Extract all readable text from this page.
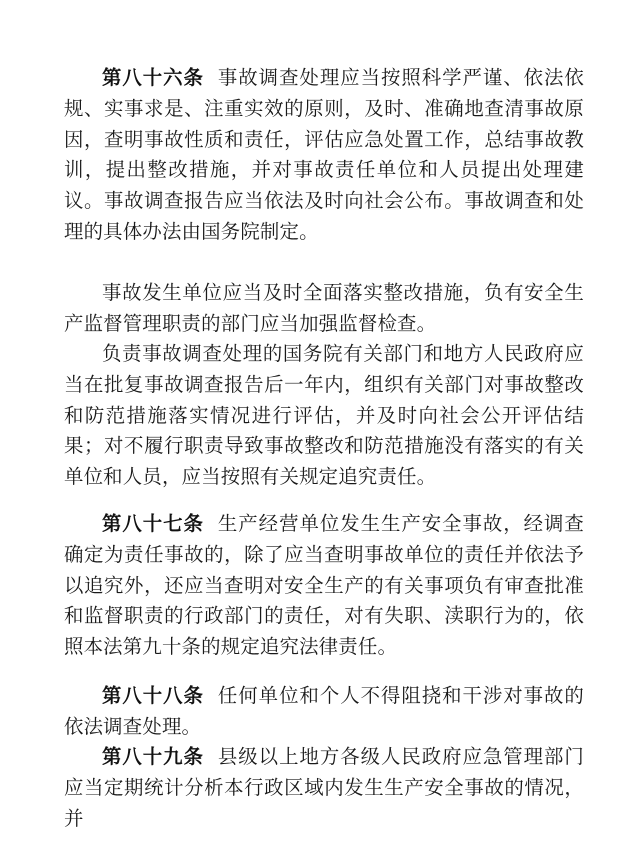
第八十六条 事故调查处理应当按照科学严谨、依法依规、实事求是、注重实效的原则，及时、准确地查清事故原因，查明事故性质和责任，评估应急处置工作，总结事故教训，提出整改措施，并对事故责任单位和人员提出处理建议。事故调查报告应当依法及时向社会公布。事故调查和处理的具体办法由国务院制定。

事故发生单位应当及时全面落实整改措施，负有安全生产监督管理职责的部门应当加强监督检查。

负责事故调查处理的国务院有关部门和地方人民政府应当在批复事故调查报告后一年内，组织有关部门对事故整改和防范措施落实情况进行评估，并及时向社会公开评估结果；对不履行职责导致事故整改和防范措施没有落实的有关单位和人员，应当按照有关规定追究责任。

第八十七条 生产经营单位发生生产安全事故，经调查确定为责任事故的，除了应当查明事故单位的责任并依法予以追究外，还应当查明对安全生产的有关事项负有审查批准和监督职责的行政部门的责任，对有失职、渎职行为的，依照本法第九十条的规定追究法律责任。

第八十八条 任何单位和个人不得阻挠和干涉对事故的依法调查处理。

第八十九条 县级以上地方各级人民政府应急管理部门应当定期统计分析本行政区域内发生生产安全事故的情况，并
